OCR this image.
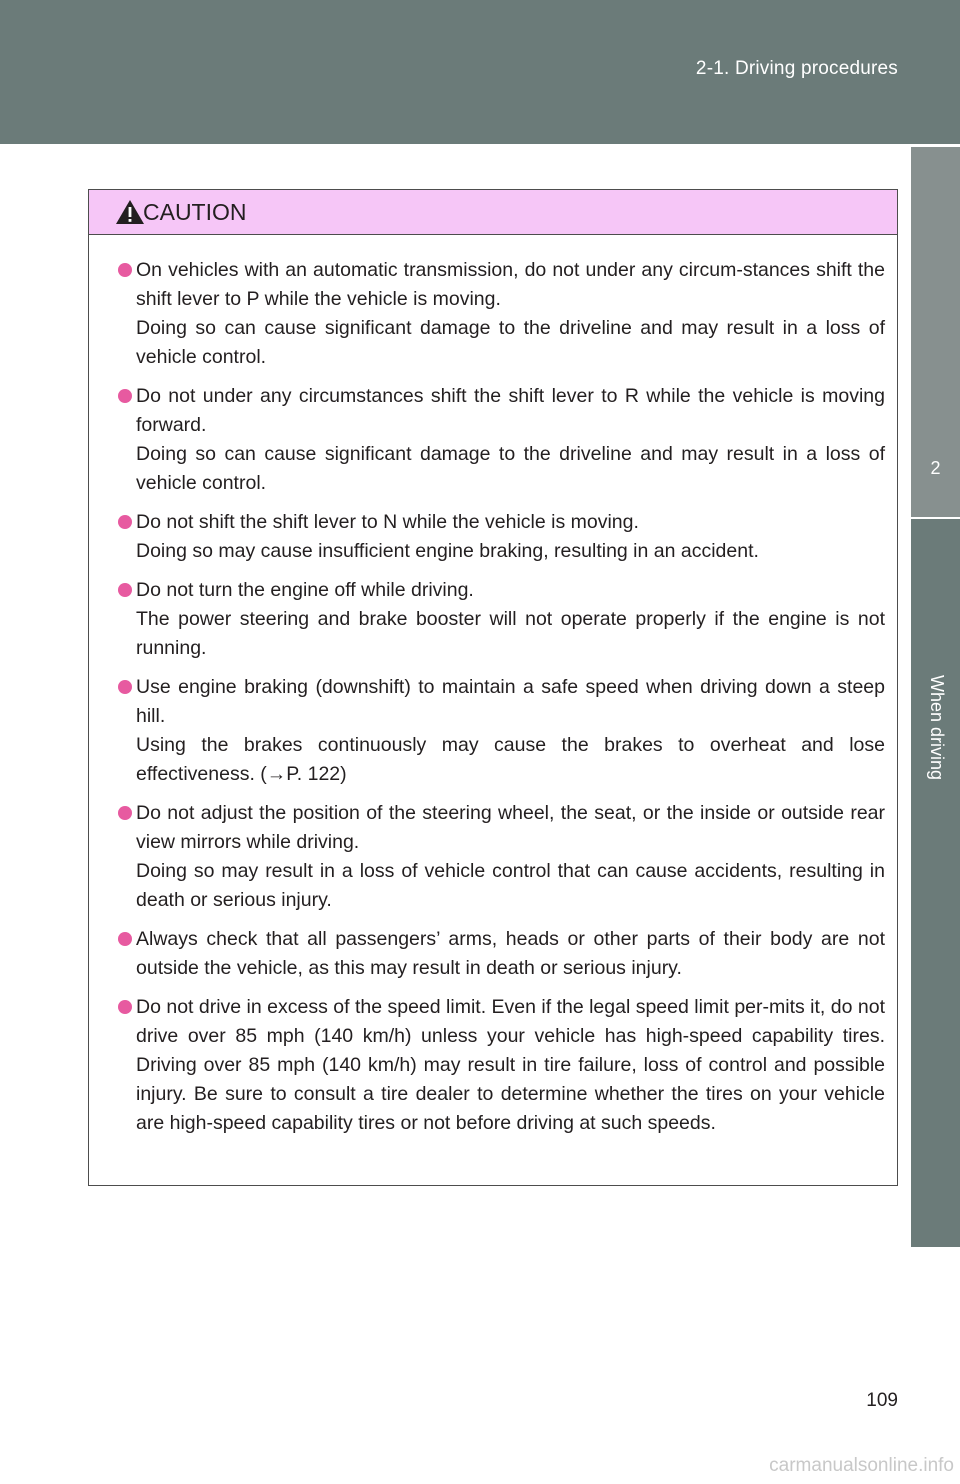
2-1. Driving procedures
2
When driving
CAUTION

On vehicles with an automatic transmission, do not under any circum-stances shift the shift lever to P while the vehicle is moving.

Doing so can cause significant damage to the driveline and may result in a loss of vehicle control.

Do not under any circumstances shift the shift lever to R while the vehicle is moving forward.

Doing so can cause significant damage to the driveline and may result in a loss of vehicle control.

Do not shift the shift lever to N while the vehicle is moving.

Doing so may cause insufficient engine braking, resulting in an accident.

Do not turn the engine off while driving.

The power steering and brake booster will not operate properly if the engine is not running.

Use engine braking (downshift) to maintain a safe speed when driving down a steep hill.

Using the brakes continuously may cause the brakes to overheat and lose effectiveness. (→P. 122)

Do not adjust the position of the steering wheel, the seat, or the inside or outside rear view mirrors while driving.

Doing so may result in a loss of vehicle control that can cause accidents, resulting in death or serious injury.

Always check that all passengers’ arms, heads or other parts of their body are not outside the vehicle, as this may result in death or serious injury.

Do not drive in excess of the speed limit. Even if the legal speed limit per-mits it, do not drive over 85 mph (140 km/h) unless your vehicle has high-speed capability tires. Driving over 85 mph (140 km/h) may result in tire failure, loss of control and possible injury. Be sure to consult a tire dealer to determine whether the tires on your vehicle are high-speed capability tires or not before driving at such speeds.

109
carmanualsonline.info
